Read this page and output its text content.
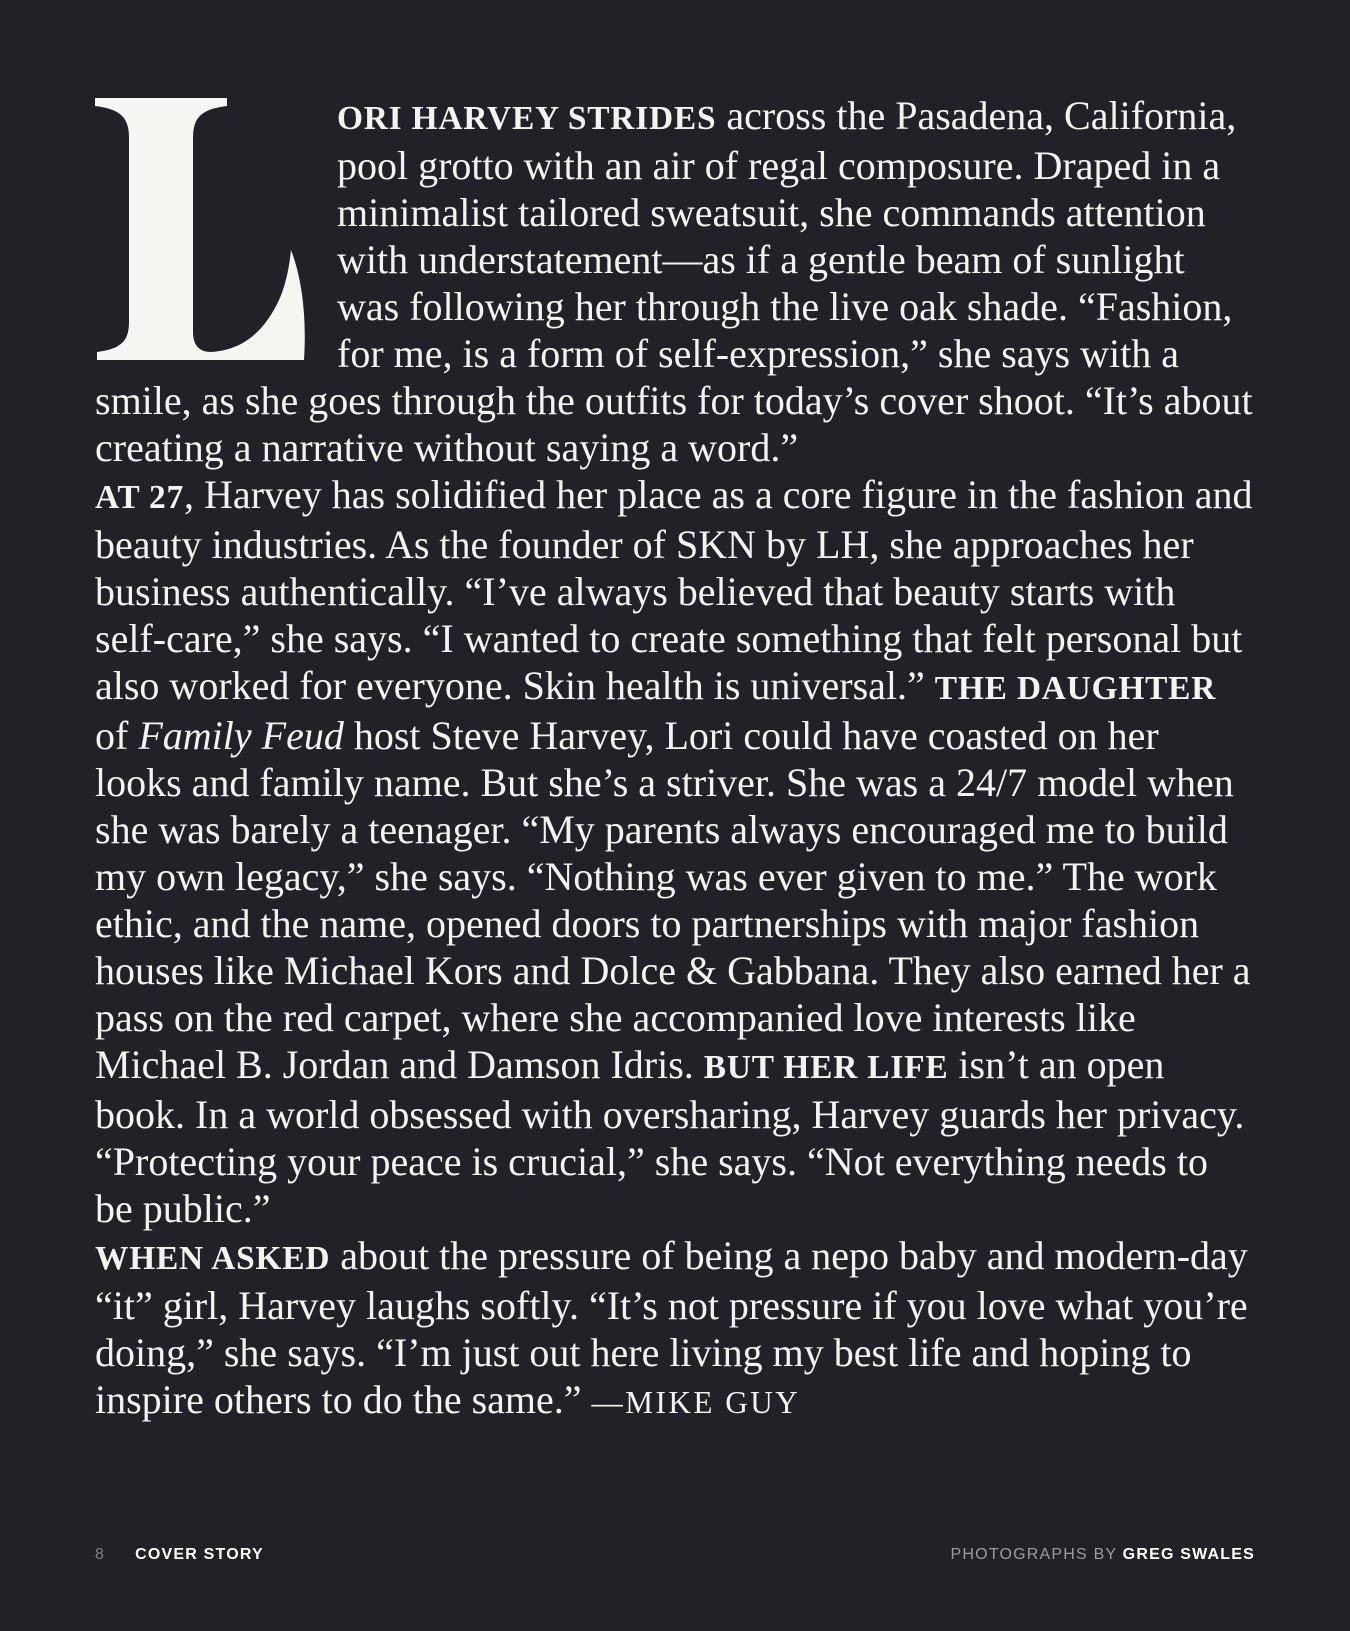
ORI HARVEY STRIDES across the Pasadena, California, pool grotto with an air of regal composure. Draped in a minimalist tailored sweatsuit, she commands attention with understatement—as if a gentle beam of sunlight was following her through the live oak shade. “Fashion, for me, is a form of self-expression,” she says with a smile, as she goes through the outfits for today’s cover shoot. “It’s about creating a narrative without saying a word.”

AT 27, Harvey has solidified her place as a core figure in the fashion and beauty industries. As the founder of SKN by LH, she approaches her business authentically. “I’ve always believed that beauty starts with self-care,” she says. “I wanted to create something that felt personal but also worked for everyone. Skin health is universal.” THE DAUGHTER of Family Feud host Steve Harvey, Lori could have coasted on her looks and family name. But she’s a striver. She was a 24/7 model when she was barely a teenager. “My parents always encouraged me to build my own legacy,” she says. “Nothing was ever given to me.” The work ethic, and the name, opened doors to partnerships with major fashion houses like Michael Kors and Dolce & Gabbana. They also earned her a pass on the red carpet, where she accompanied love interests like Michael B. Jordan and Damson Idris. BUT HER LIFE isn’t an open book. In a world obsessed with oversharing, Harvey guards her privacy. “Protecting your peace is crucial,” she says. “Not everything needs to be public.”

WHEN ASKED about the pressure of being a nepo baby and modern-day “it” girl, Harvey laughs softly. “It’s not pressure if you love what you’re doing,” she says. “I’m just out here living my best life and hoping to inspire others to do the same.” —MIKE GUY

8 COVER STORY	PHOTOGRAPHS BY GREG SWALES
